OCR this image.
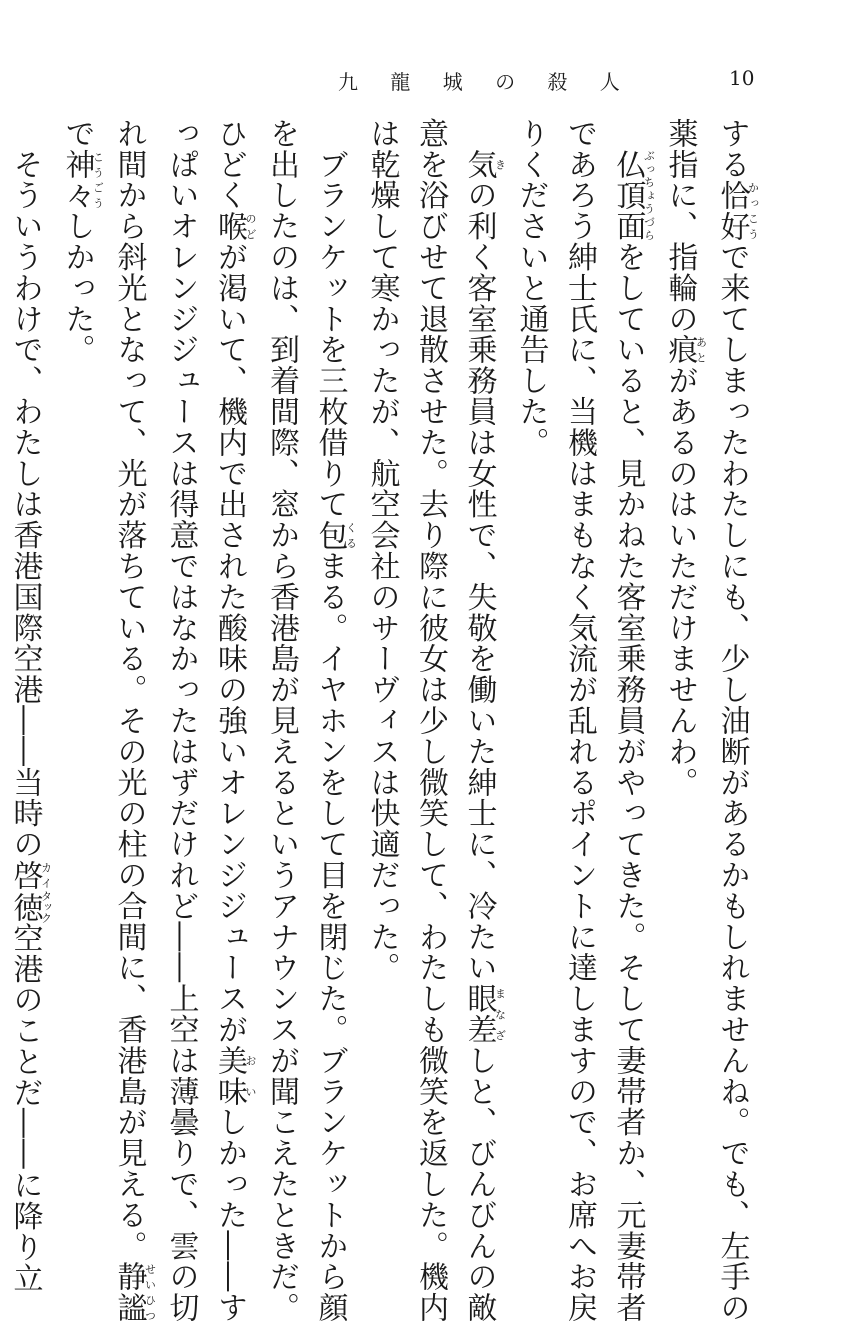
九 龍 城 の 殺 人	10
する恰好かっこうで来てしまったわたしにも、少し油断があるかもしれませんね。でも、左手の
薬指に、指輪の痕あとがあるのはいただけませんわ。
　仏頂面ぶっちょうづらをしていると、見かねた客室乗務員がやってきた。そして妻帯者か、元妻帯者
であろう紳士氏に、当機はまもなく気流が乱れるポイントに達しますので、お席へお戻
りくださいと通告した。
　気きの利く客室乗務員は女性で、失敬を働いた紳士に、冷たい眼差まなざしと、びんびんの敵
意を浴びせて退散させた。去り際に彼女は少し微笑して、わたしも微笑を返した。機内
は乾燥して寒かったが、航空会社のサーヴィスは快適だった。
　ブランケットを三枚借りて包くるまる。イヤホンをして目を閉じた。ブランケットから顔
を出したのは、到着間際、窓から香港島が見えるというアナウンスが聞こえたときだ。
ひどく喉のどが渇いて、機内で出された酸味の強いオレンジジュースが美味おいしかった――す
っぱいオレンジジュースは得意ではなかったはずだけれど――上空は薄曇りで、雲の切
れ間から斜光となって、光が落ちている。その光の柱の合間に、香港島が見える。静謐せいひつ
で神々こうごうしかった。
　そういうわけで、わたしは香港国際空港――当時の啓カイ徳タック空港のことだ――に降り立
